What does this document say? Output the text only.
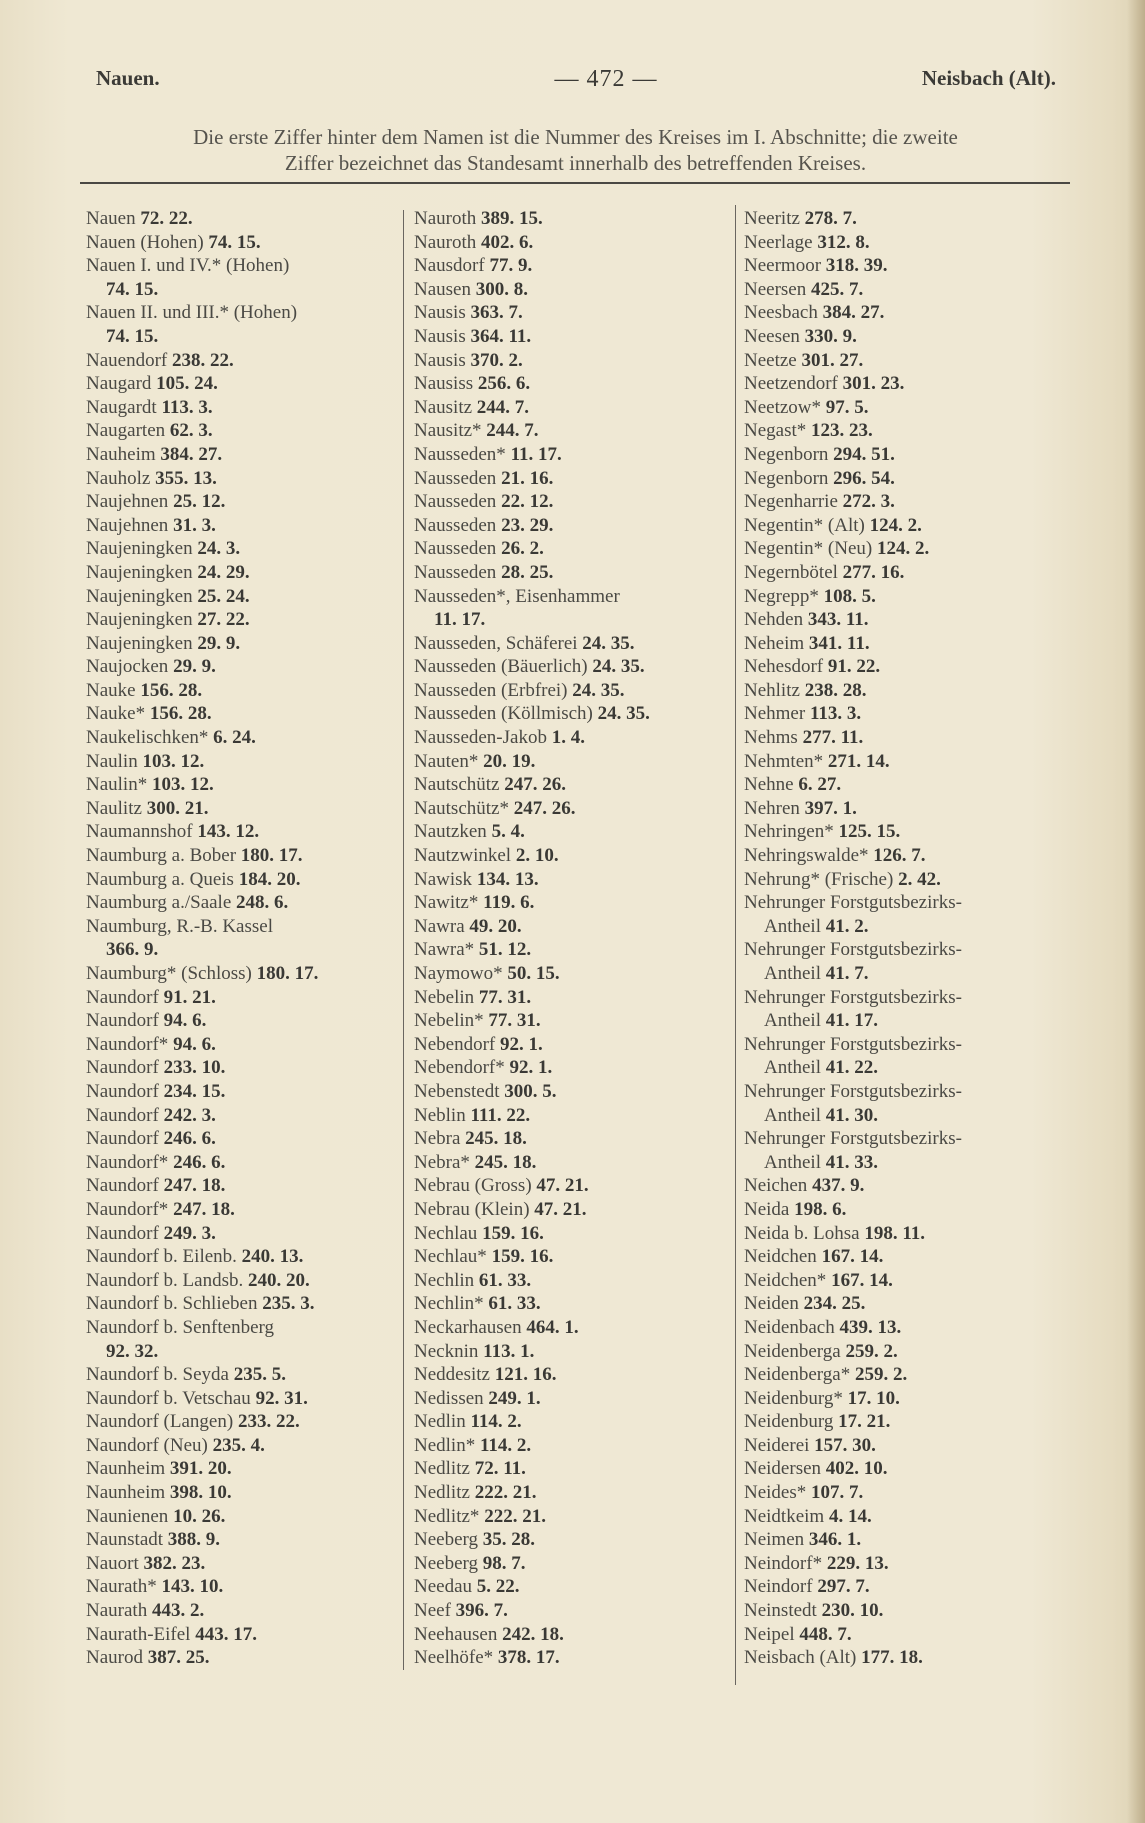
Nauen.	— 472 —	Neisbach (Alt).
Die erste Ziffer hinter dem Namen ist die Nummer des Kreises im I. Abschnitte; die zweite
Ziffer bezeichnet das Standesamt innerhalb des betreffenden Kreises.
Nauen 72. 22.
Nauen (Hohen) 74. 15.
Nauen I. und IV.* (Hohen)
74. 15.
Nauen II. und III.* (Hohen)
74. 15.
Nauendorf 238. 22.
Naugard 105. 24.
Naugardt 113. 3.
Naugarten 62. 3.
Nauheim 384. 27.
Nauholz 355. 13.
Naujehnen 25. 12.
Naujehnen 31. 3.
Naujeningken 24. 3.
Naujeningken 24. 29.
Naujeningken 25. 24.
Naujeningken 27. 22.
Naujeningken 29. 9.
Naujocken 29. 9.
Nauke 156. 28.
Nauke* 156. 28.
Naukelischken* 6. 24.
Naulin 103. 12.
Naulin* 103. 12.
Naulitz 300. 21.
Naumannshof 143. 12.
Naumburg a. Bober 180. 17.
Naumburg a. Queis 184. 20.
Naumburg a./Saale 248. 6.
Naumburg, R.-B. Kassel
366. 9.
Naumburg* (Schloss) 180. 17.
Naundorf 91. 21.
Naundorf 94. 6.
Naundorf* 94. 6.
Naundorf 233. 10.
Naundorf 234. 15.
Naundorf 242. 3.
Naundorf 246. 6.
Naundorf* 246. 6.
Naundorf 247. 18.
Naundorf* 247. 18.
Naundorf 249. 3.
Naundorf b. Eilenb. 240. 13.
Naundorf b. Landsb. 240. 20.
Naundorf b. Schlieben 235. 3.
Naundorf b. Senftenberg
92. 32.
Naundorf b. Seyda 235. 5.
Naundorf b. Vetschau 92. 31.
Naundorf (Langen) 233. 22.
Naundorf (Neu) 235. 4.
Naunheim 391. 20.
Naunheim 398. 10.
Naunienen 10. 26.
Naunstadt 388. 9.
Nauort 382. 23.
Naurath* 143. 10.
Naurath 443. 2.
Naurath-Eifel 443. 17.
Naurod 387. 25.
Nauroth 389. 15.
Nauroth 402. 6.
Nausdorf 77. 9.
Nausen 300. 8.
Nausis 363. 7.
Nausis 364. 11.
Nausis 370. 2.
Nausiss 256. 6.
Nausitz 244. 7.
Nausitz* 244. 7.
Nausseden* 11. 17.
Nausseden 21. 16.
Nausseden 22. 12.
Nausseden 23. 29.
Nausseden 26. 2.
Nausseden 28. 25.
Nausseden*, Eisenhammer
11. 17.
Nausseden, Schäferei 24. 35.
Nausseden (Bäuerlich) 24. 35.
Nausseden (Erbfrei) 24. 35.
Nausseden (Köllmisch) 24. 35.
Nausseden-Jakob 1. 4.
Nauten* 20. 19.
Nautschütz 247. 26.
Nautschütz* 247. 26.
Nautzken 5. 4.
Nautzwinkel 2. 10.
Nawisk 134. 13.
Nawitz* 119. 6.
Nawra 49. 20.
Nawra* 51. 12.
Naymowo* 50. 15.
Nebelin 77. 31.
Nebelin* 77. 31.
Nebendorf 92. 1.
Nebendorf* 92. 1.
Nebenstedt 300. 5.
Neblin 111. 22.
Nebra 245. 18.
Nebra* 245. 18.
Nebrau (Gross) 47. 21.
Nebrau (Klein) 47. 21.
Nechlau 159. 16.
Nechlau* 159. 16.
Nechlin 61. 33.
Nechlin* 61. 33.
Neckarhausen 464. 1.
Necknin 113. 1.
Neddesitz 121. 16.
Nedissen 249. 1.
Nedlin 114. 2.
Nedlin* 114. 2.
Nedlitz 72. 11.
Nedlitz 222. 21.
Nedlitz* 222. 21.
Neeberg 35. 28.
Neeberg 98. 7.
Needau 5. 22.
Neef 396. 7.
Neehausen 242. 18.
Neelhöfe* 378. 17.
Neeritz 278. 7.
Neerlage 312. 8.
Neermoor 318. 39.
Neersen 425. 7.
Neesbach 384. 27.
Neesen 330. 9.
Neetze 301. 27.
Neetzendorf 301. 23.
Neetzow* 97. 5.
Negast* 123. 23.
Negenborn 294. 51.
Negenborn 296. 54.
Negenharrie 272. 3.
Negentin* (Alt) 124. 2.
Negentin* (Neu) 124. 2.
Negernbötel 277. 16.
Negrepp* 108. 5.
Nehden 343. 11.
Neheim 341. 11.
Nehesdorf 91. 22.
Nehlitz 238. 28.
Nehmer 113. 3.
Nehms 277. 11.
Nehmten* 271. 14.
Nehne 6. 27.
Nehren 397. 1.
Nehringen* 125. 15.
Nehringswalde* 126. 7.
Nehrung* (Frische) 2. 42.
Nehrunger Forstgutsbezirks-
Antheil 41. 2.
Nehrunger Forstgutsbezirks-
Antheil 41. 7.
Nehrunger Forstgutsbezirks-
Antheil 41. 17.
Nehrunger Forstgutsbezirks-
Antheil 41. 22.
Nehrunger Forstgutsbezirks-
Antheil 41. 30.
Nehrunger Forstgutsbezirks-
Antheil 41. 33.
Neichen 437. 9.
Neida 198. 6.
Neida b. Lohsa 198. 11.
Neidchen 167. 14.
Neidchen* 167. 14.
Neiden 234. 25.
Neidenbach 439. 13.
Neidenberga 259. 2.
Neidenberga* 259. 2.
Neidenburg* 17. 10.
Neidenburg 17. 21.
Neiderei 157. 30.
Neidersen 402. 10.
Neides* 107. 7.
Neidtkeim 4. 14.
Neimen 346. 1.
Neindorf* 229. 13.
Neindorf 297. 7.
Neinstedt 230. 10.
Neipel 448. 7.
Neisbach (Alt) 177. 18.
